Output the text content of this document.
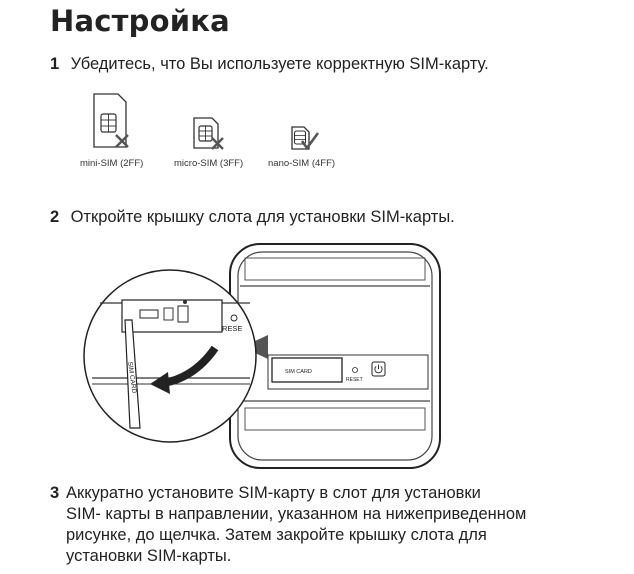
Настройка
1 Убедитесь, что Вы используете корректную SIM-карту.
mini-SIM (2FF)	micro-SIM (3FF)	nano-SIM (4FF)
2 Откройте крышку слота для установки SIM-карты.
SIM CARD
RESET
RESE
SIM CARD
3 Аккуратно установите SIM-карту в слот для установки
SIM- карты в направлении, указанном на нижеприведенном
рисунке, до щелчка. Затем закройте крышку слота для
установки SIM-карты.
